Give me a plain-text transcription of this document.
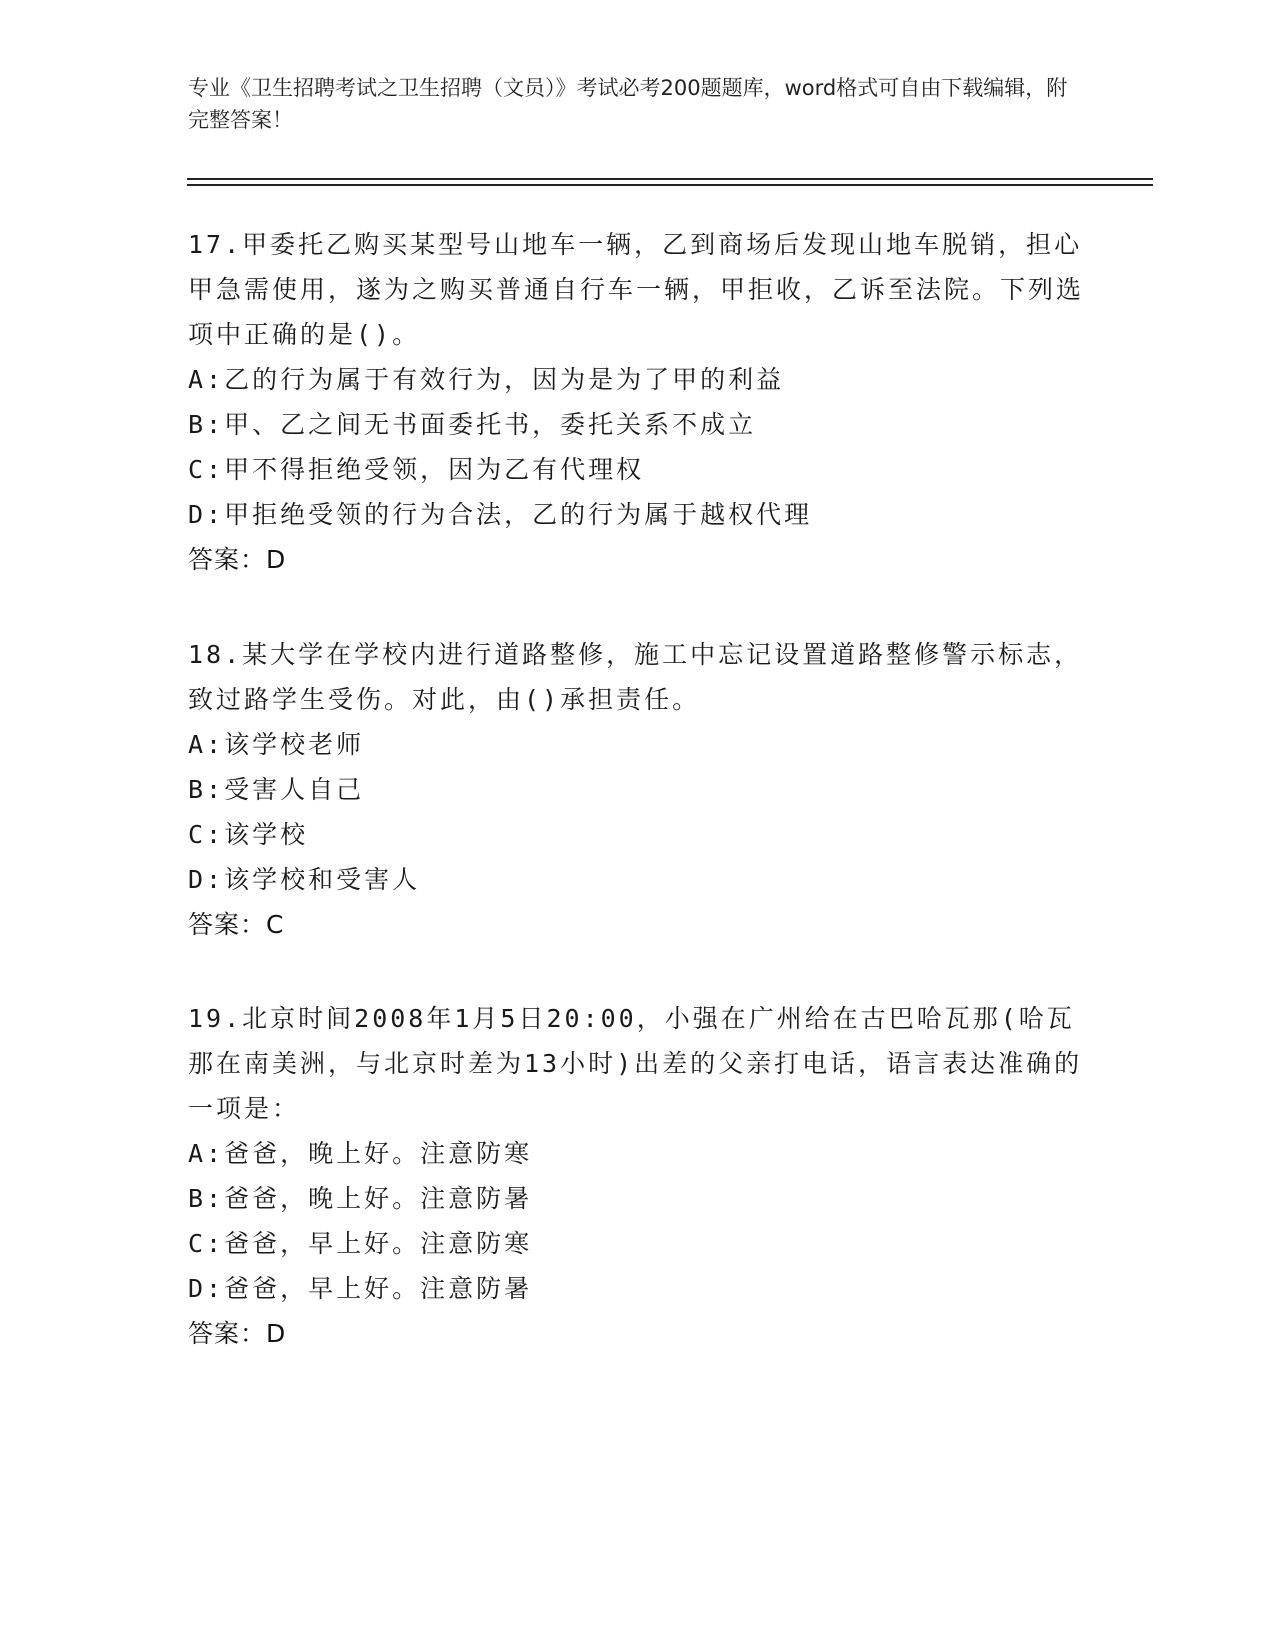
专业《卫生招聘考试之卫生招聘（文员）》考试必考200题题库，word格式可自由下载编辑，附完整答案！

17.甲委托乙购买某型号山地车一辆，乙到商场后发现山地车脱销，担心甲急需使用，遂为之购买普通自行车一辆，甲拒收，乙诉至法院。下列选项中正确的是()。

A:乙的行为属于有效行为，因为是为了甲的利益

B:甲、乙之间无书面委托书，委托关系不成立

C:甲不得拒绝受领，因为乙有代理权

D:甲拒绝受领的行为合法，乙的行为属于越权代理

答案：D

18.某大学在学校内进行道路整修，施工中忘记设置道路整修警示标志，致过路学生受伤。对此，由()承担责任。

A:该学校老师

B:受害人自己

C:该学校

D:该学校和受害人

答案：C

19.北京时间2008年1月5日20:00，小强在广州给在古巴哈瓦那(哈瓦那在南美洲，与北京时差为13小时)出差的父亲打电话，语言表达准确的一项是：

A:爸爸，晚上好。注意防寒

B:爸爸，晚上好。注意防暑

C:爸爸，早上好。注意防寒

D:爸爸，早上好。注意防暑

答案：D
